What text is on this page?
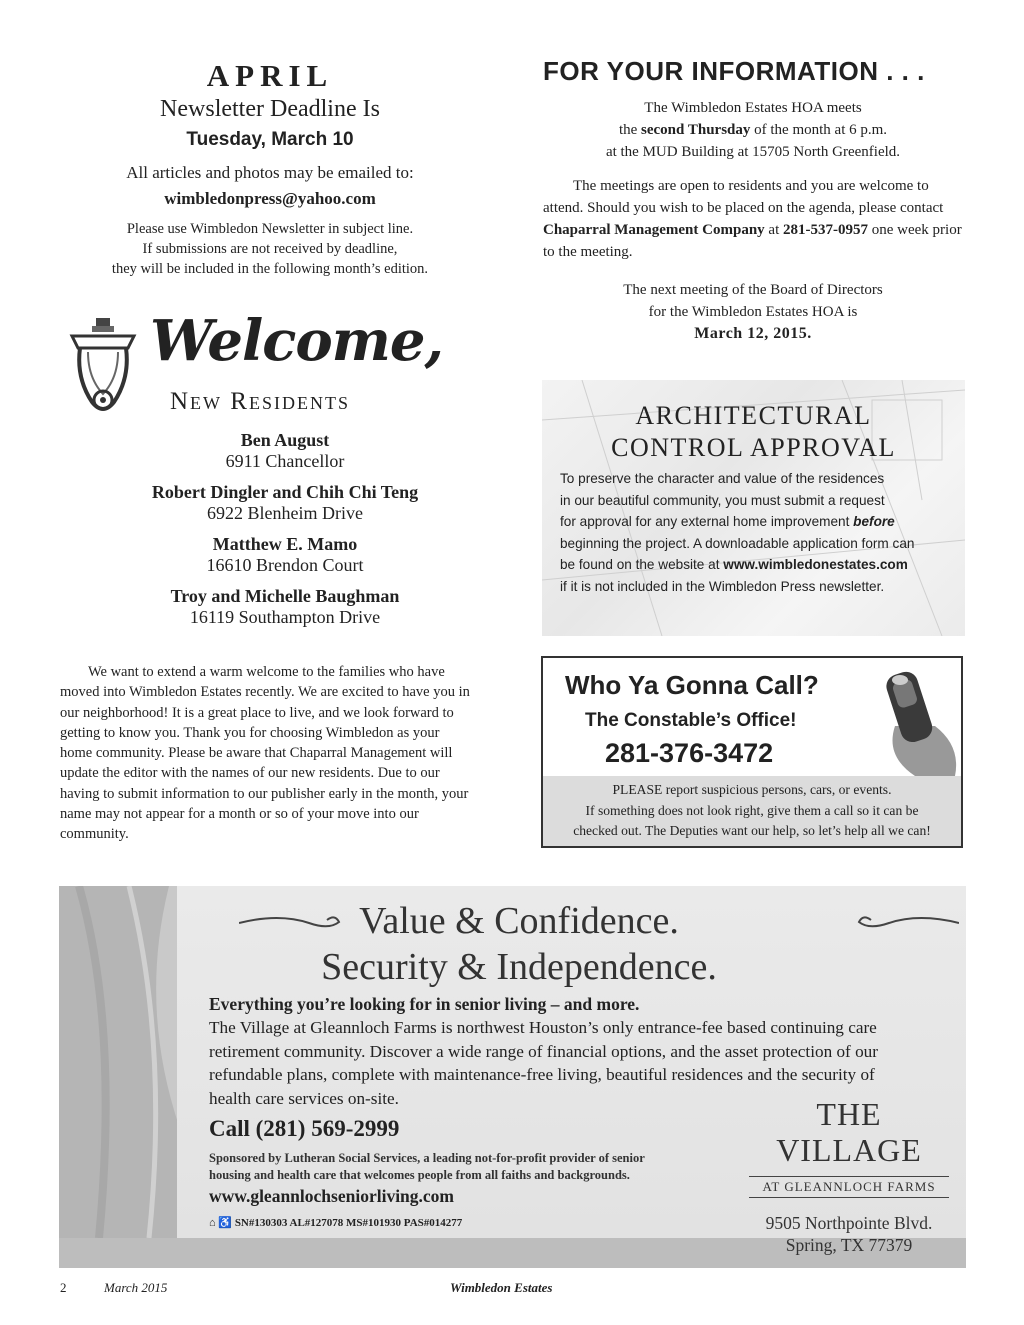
APRIL
Newsletter Deadline Is
Tuesday, March 10
All articles and photos may be emailed to:
wimbledonpress@yahoo.com
Please use Wimbledon Newsletter in subject line.
If submissions are not received by deadline,
they will be included in the following month’s edition.
Welcome,
New Residents
Ben August
6911 Chancellor
Robert Dingler and Chih Chi Teng
6922 Blenheim Drive
Matthew E. Mamo
16610 Brendon Court
Troy and Michelle Baughman
16119 Southampton Drive

We want to extend a warm welcome to the families who have moved into Wimbledon Estates recently. We are excited to have you in our neighborhood! It is a great place to live, and we look forward to getting to know you. Thank you for choosing Wimbledon as your home community. Please be aware that Chaparral Management will update the editor with the names of our new residents. Due to our having to submit information to our publisher early in the month, your name may not appear for a month or so of your move into our community.

FOR YOUR INFORMATION . . .
The Wimbledon Estates HOA meets
the second Thursday of the month at 6 p.m.
at the MUD Building at 15705 North Greenfield.
The meetings are open to residents and you are welcome to attend. Should you wish to be placed on the agenda, please contact Chaparral Management Company at 281-537-0957 one week prior to the meeting.
The next meeting of the Board of Directors
for the Wimbledon Estates HOA is
March 12, 2015.
ARCHITECTURAL
CONTROL APPROVAL
To preserve the character and value of the residences
in our beautiful community, you must submit a request
for approval for any external home improvement before
beginning the project. A downloadable application form can
be found on the website at www.wimbledonestates.com
if it is not included in the Wimbledon Press newsletter.
Who Ya Gonna Call?
The Constable’s Office!
281-376-3472
PLEASE report suspicious persons, cars, or events.
If something does not look right, give them a call so it can be
checked out. The Deputies want our help, so let’s help all we can!
Value & Confidence.
Security & Independence.
Everything you’re looking for in senior living – and more.
The Village at Gleannloch Farms is northwest Houston’s only entrance-fee based continuing care retirement community. Discover a wide range of financial options, and the asset protection of our refundable plans, complete with maintenance-free living, beautiful residences and the security of health care services on-site.
Call (281) 569-2999
Sponsored by Lutheran Social Services, a leading not-for-profit provider of senior
housing and health care that welcomes people from all faiths and backgrounds.
www.gleannlochseniorliving.com
⌂ ♿ SN#130303 AL#127078 MS#101930 PAS#014277
THE VILLAGE
AT GLEANNLOCH FARMS
9505 Northpointe Blvd.
Spring, TX 77379
2	March 2015	Wimbledon Estates
